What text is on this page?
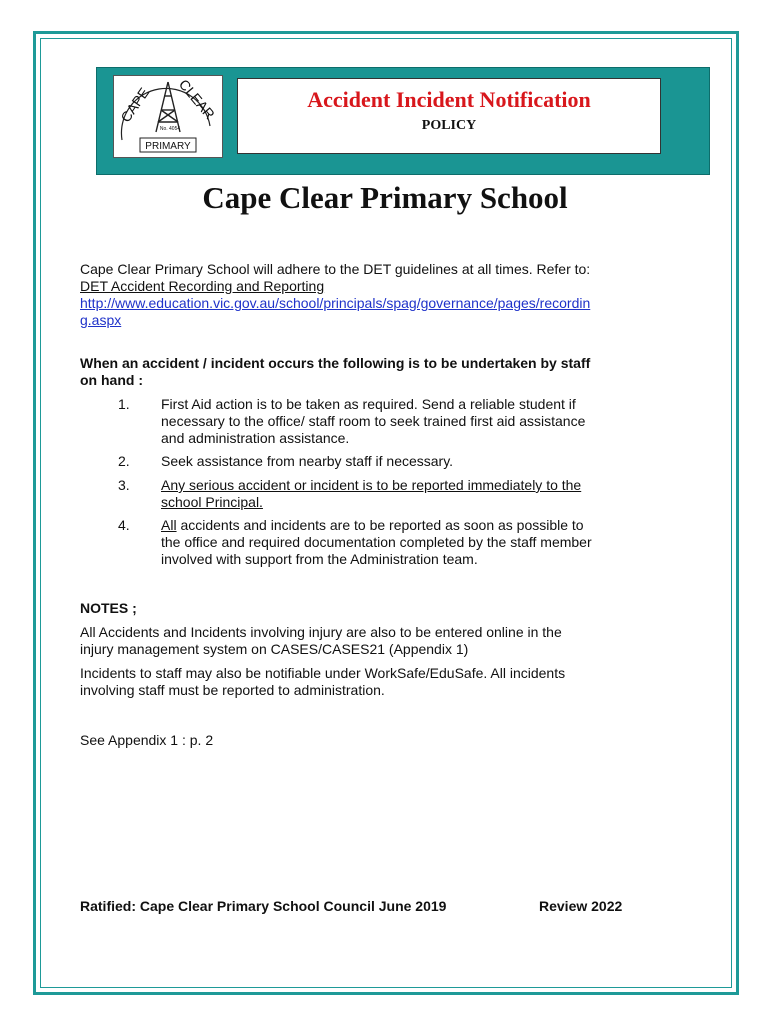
CAPE CLEAR
No. 4054
PRIMARY
Accident Incident Notification
POLICY
Cape Clear Primary School
Cape Clear Primary School will adhere to the DET guidelines at all times. Refer to:
DET Accident Recording and Reporting
http://www.education.vic.gov.au/school/principals/spag/governance/pages/recordin
g.aspx
When an accident / incident occurs the following is to be undertaken by staff
on hand :
1. First Aid action is to be taken as required. Send a reliable student if
necessary to the office/ staff room to seek trained first aid assistance
and administration assistance.
2. Seek assistance from nearby staff if necessary.
3. Any serious accident or incident is to be reported immediately to the
school Principal.
4. All accidents and incidents are to be reported as soon as possible to
the office and required documentation completed by the staff member
involved with support from the Administration team.
NOTES ;
All Accidents and Incidents involving injury are also to be entered online in the
injury management system on CASES/CASES21 (Appendix 1)
Incidents to staff may also be notifiable under WorkSafe/EduSafe. All incidents
involving staff must be reported to administration.
See Appendix 1 : p. 2
Ratified: Cape Clear Primary School Council June 2019	Review 2022
